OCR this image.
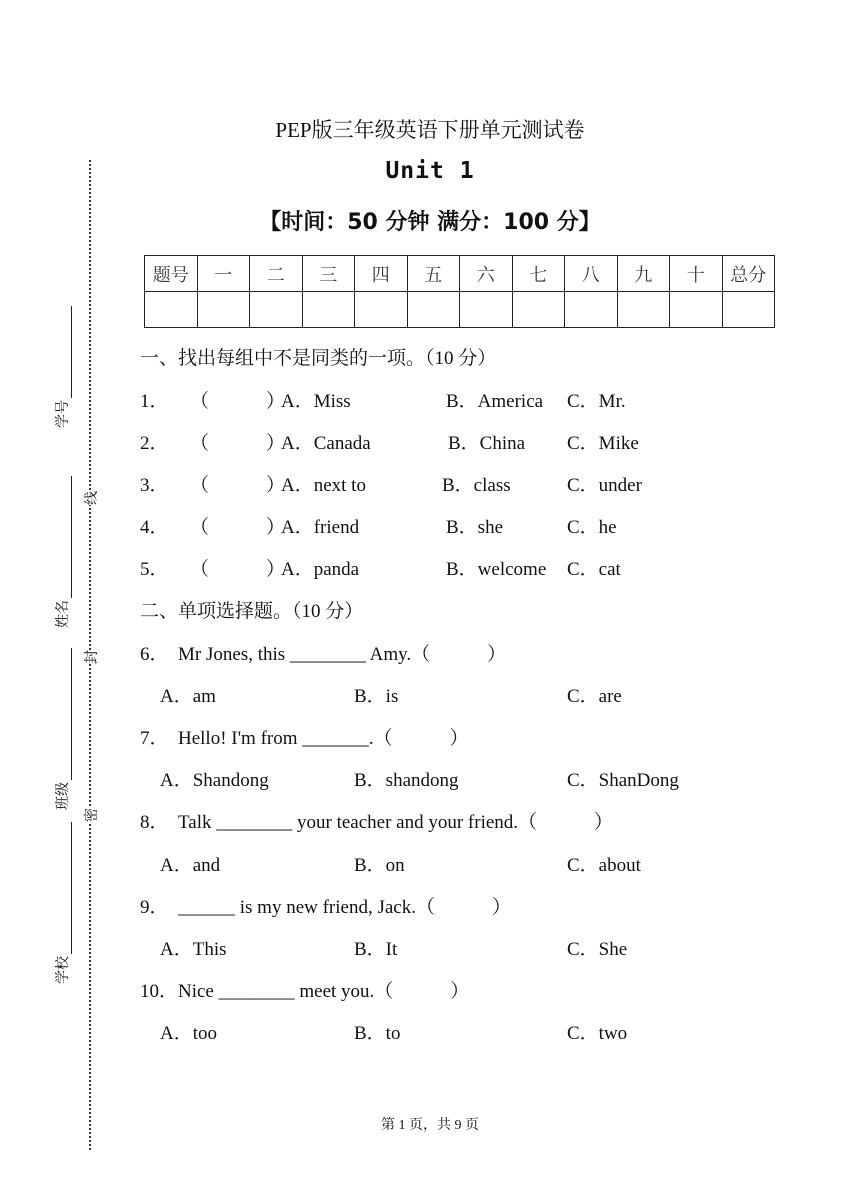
学号
姓名
班级
学校
线
封
密
PEP版三年级英语下册单元测试卷
Unit 1
【时间：50 分钟 满分：100 分】
题号	一	二	三	四	五	六	七	八	九	十	总分

一、找出每组中不是同类的一项。（10 分）
1． （　　　）
A．Miss	B．America C．Mr.
2． （　　　）
A．Canada	B．China C．Mike
3． （　　　）
A．next to	B．class	C．under
4． （　　　）
A．friend	B．she	C．he
5． （　　　）
A．panda	B．welcome C．cat
二、单项选择题。（10 分）
6．　Mr Jones, this ________ Amy.（　　　）
A．am	B．is	C．are
7．　Hello! I'm from _______.（　　　）
A．Shandong	B．shandong	C．ShanDong
8．　Talk ________ your teacher and your friend.（　　　）
A．and	B．on	C．about
9．　______ is my new friend, Jack.（　　　）
A．This	B．It	C．She
10．Nice ________ meet you.（　　　）
A．too	B．to	C．two
第 1 页，共 9 页
